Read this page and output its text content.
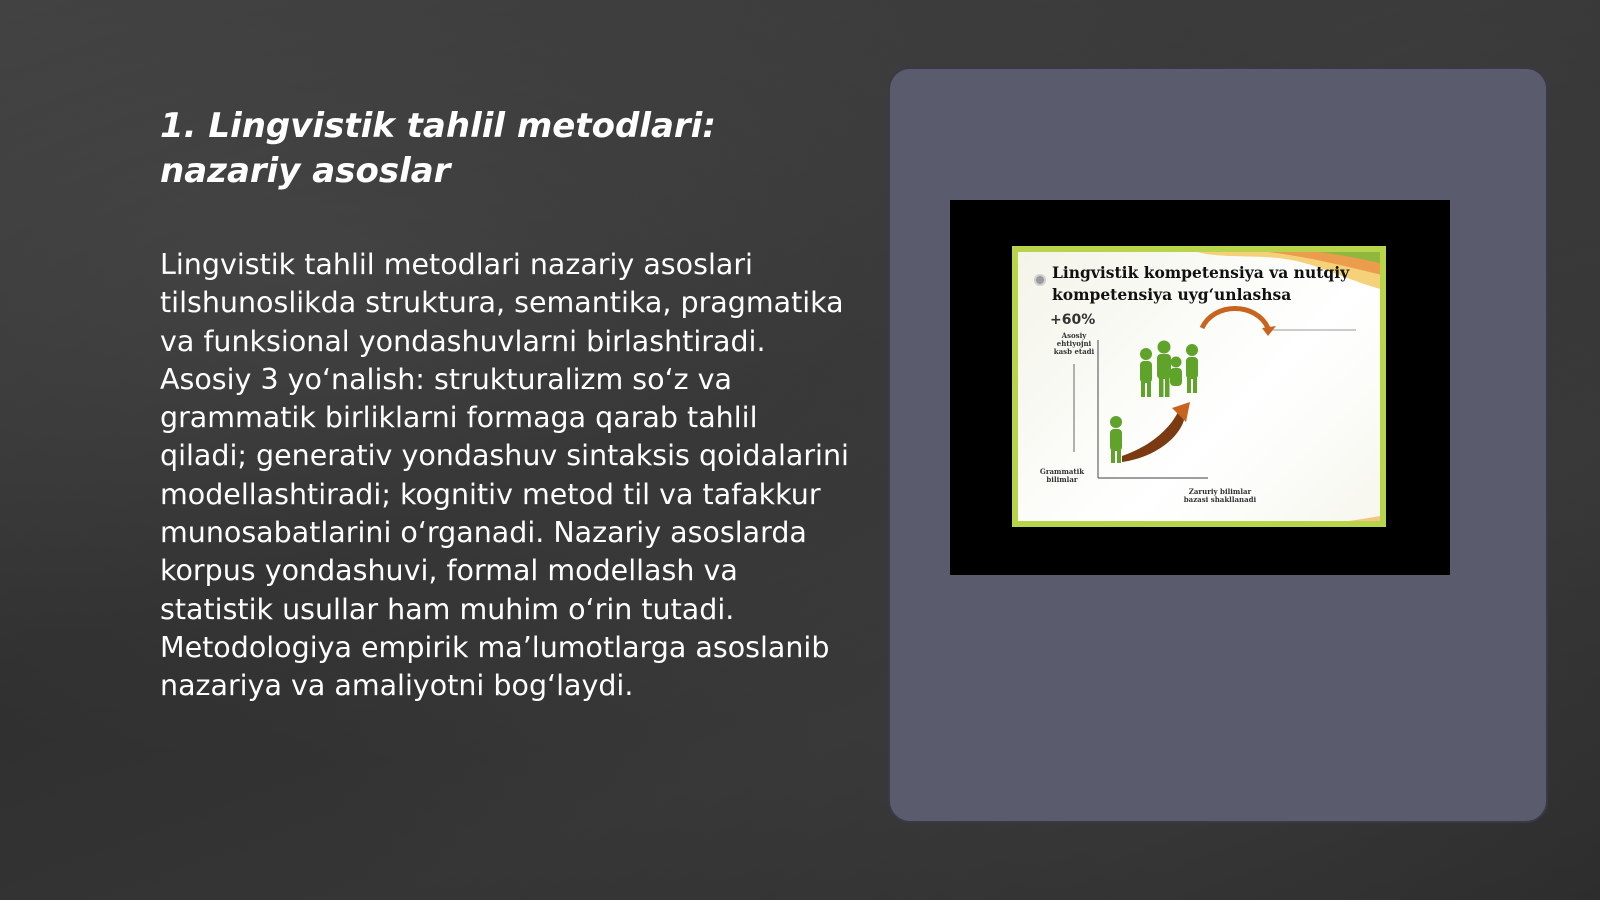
1. Lingvistik tahlil metodlari: nazariy asoslar

Lingvistik tahlil metodlari nazariy asoslari tilshunoslikda struktura, semantika, pragmatika va funksional yondashuvlarni birlashtiradi. Asosiy 3 yo‘nalish: strukturalizm so‘z va grammatik birliklarni formaga qarab tahlil qiladi; generativ yondashuv sintaksis qoidalarini modellashtiradi; kognitiv metod til va tafakkur munosabatlarini o‘rganadi. Nazariy asoslarda korpus yondashuvi, formal modellash va statistik usullar ham muhim o‘rin tutadi. Metodologiya empirik ma’lumotlarga asoslanib nazariya va amaliyotni bog‘laydi.

Lingvistik kompetensiya va nutqiy kompetensiya uyg‘unlashsa

+60%
Asosiy ehtiyojni kasb etadi
Grammatik bilimlar
Zaruriy bilimlar bazasi shakllanadi
